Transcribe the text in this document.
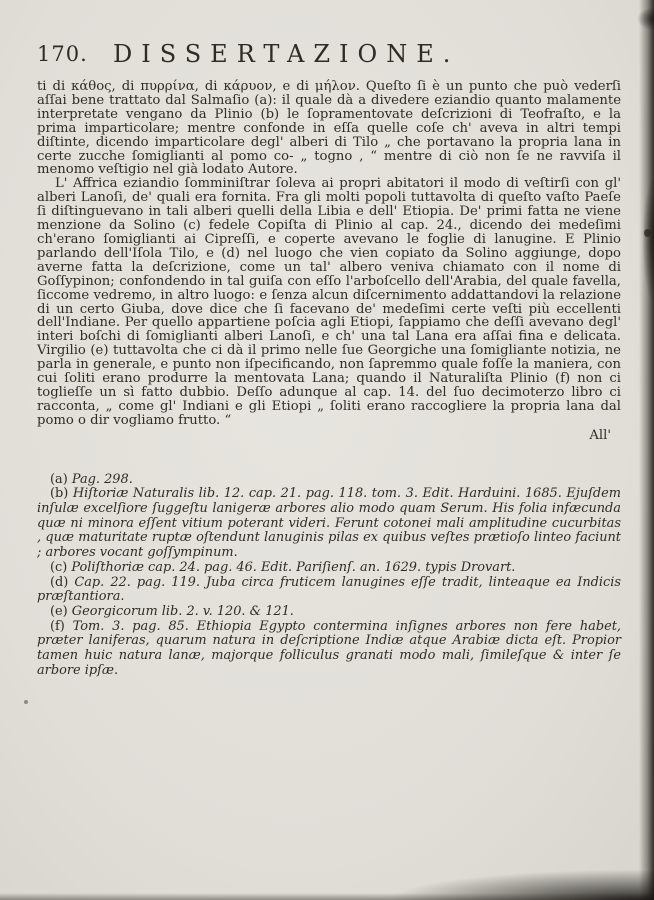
170. DISSERTAZIONE.

ti di κάθος, di πυρρίνα, di κάρυον, e di μήλον. Queſto ſi è un punto che può vederſi aſſai bene trattato dal Salmaſio (a): il quale dà a divedere eziandio quanto malamente interpretate vengano da Plinio (b) le ſopramentovate deſcrizioni di Teofraſto, e la prima imparticolare; mentre confonde in eſſa quelle coſe ch' aveva in altri tempi diſtinte, dicendo imparticolare degl' alberi di Tilo „ che portavano la propria lana in certe zucche ſomiglianti al pomo co- „ togno , “ mentre di ciò non ſe ne ravviſa il menomo veſtigio nel già lodato Autore.

L' Affrica eziandio ſomminiſtrar ſoleva ai propri abitatori il modo di veſtirſi con gl' alberi Lanoſi, de' quali era fornita. Fra gli molti popoli tuttavolta di queſto vaſto Paeſe ſi diſtinguevano in tali alberi quelli della Libia e dell' Etiopia. De' primi fatta ne viene menzione da Solino (c) fedele Copiſta di Plinio al cap. 24., dicendo dei medeſimi ch'erano ſomiglianti ai Cipreſſi, e coperte avevano le foglie di lanugine. E Plinio parlando dell'Iſola Tilo, e (d) nel luogo che vien copiato da Solino aggiunge, dopo averne fatta la deſcrizione, come un tal' albero veniva chiamato con il nome di Goſſypinon; confondendo in tal guiſa con eſſo l'arboſcello dell'Arabia, del quale favella, ſiccome vedremo, in altro luogo: e ſenza alcun diſcernimento addattandovi la relazione di un certo Giuba, dove dice che ſi facevano de' medeſimi certe veſti più eccellenti dell'Indiane. Per quello appartiene poſcia agli Etiopi, ſappiamo che deſſi avevano degl' interi boſchi di ſomiglianti alberi Lanoſi, e ch' una tal Lana era aſſai fina e delicata. Virgilio (e) tuttavolta che ci dà il primo nelle ſue Georgiche una ſomigliante notizia, ne parla in generale, e punto non iſpecificando, non ſapremmo quale foſſe la maniera, con cui ſoliti erano produrre la mentovata Lana; quando il Naturaliſta Plinio (f) non ci toglieſſe un sì fatto dubbio. Deſſo adunque al cap. 14. del ſuo decimoterzo libro ci racconta, „ come gl' Indiani e gli Etiopi „ ſoliti erano raccogliere la propria lana dal pomo o dir vogliamo frutto. “

All'

(a) Pag. 298.

(b) Hiſtoriæ Naturalis lib. 12. cap. 21. pag. 118. tom. 3. Edit. Harduini. 1685. Ejuſdem inſulæ excelſiore ſuggeſtu lanigeræ arbores alio modo quam Serum. His folia infæcunda quæ ni minora eſſent vitium poterant videri. Ferunt cotonei mali amplitudine cucurbitas , quæ maturitate ruptæ oſtendunt lanuginis pilas ex quibus veſtes prætioſo linteo faciunt ; arbores vocant goſſympinum.

(c) Poliſthoriæ cap. 24. pag. 46. Edit. Pariſienſ. an. 1629. typis Drovart.

(d) Cap. 22. pag. 119. Juba circa fruticem lanugines eſſe tradit, linteaque ea Indicis præſtantiora.

(e) Georgicorum lib. 2. v. 120. & 121.

(f) Tom. 3. pag. 85. Ethiopia Egypto contermina inſignes arbores non fere habet, præter laniferas, quarum natura in deſcriptione Indiæ atque Arabiæ dicta eſt. Propior tamen huic natura lanæ, majorque folliculus granati modo mali, ſimileſque & inter ſe arbore ipſæ.
